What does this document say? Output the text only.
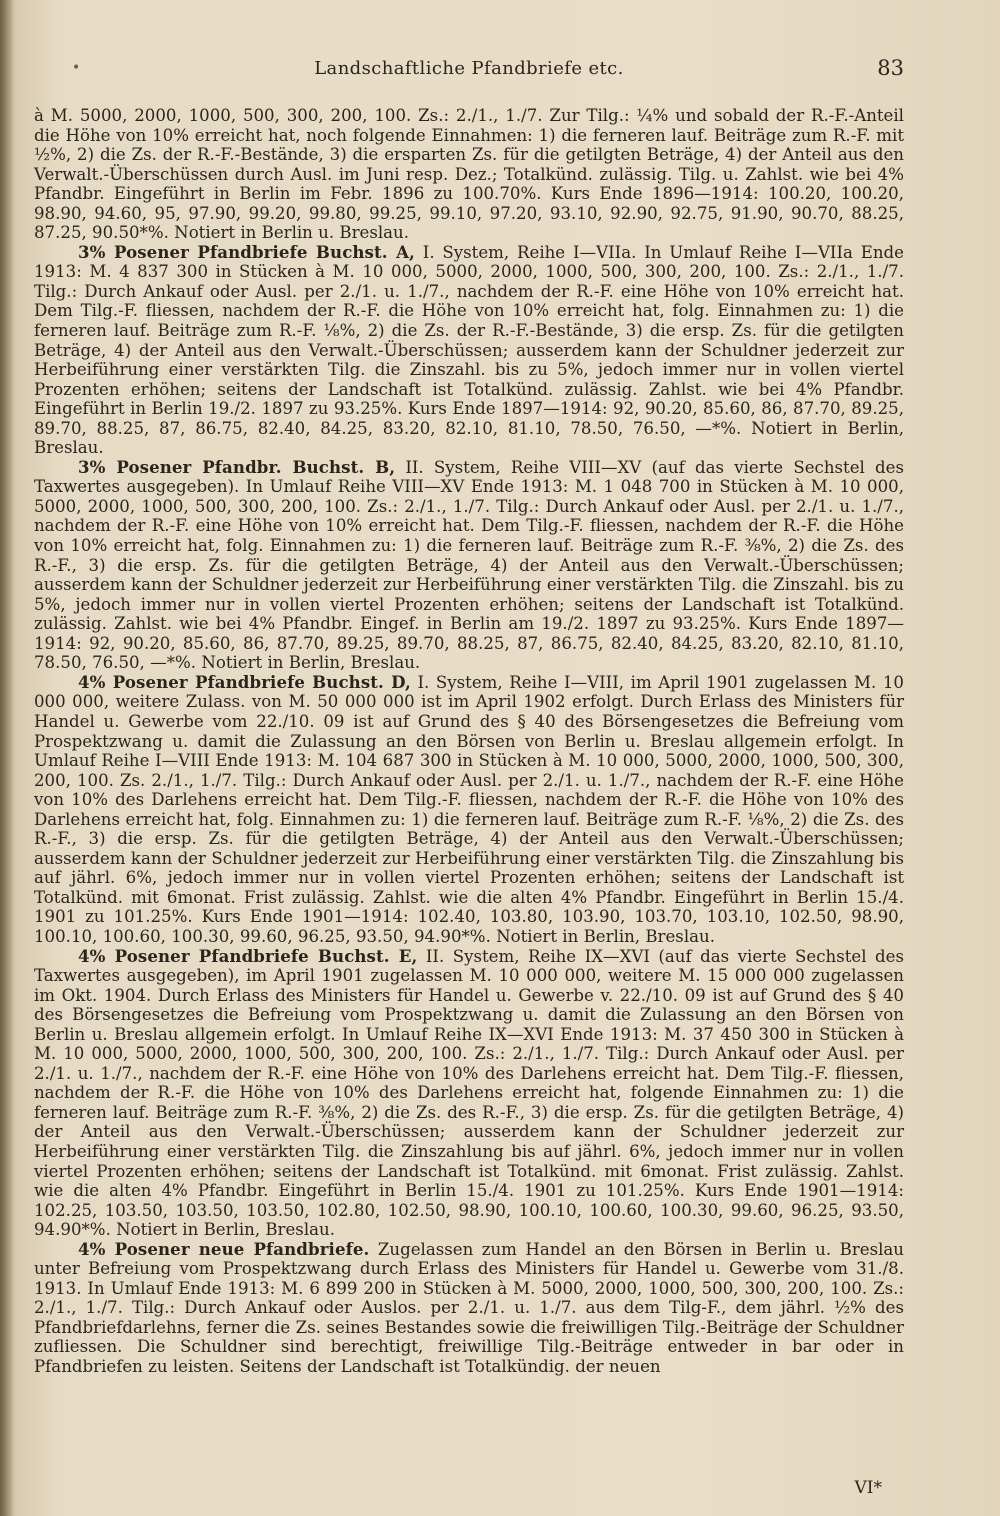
•	Landschaftliche Pfandbriefe etc.	83

à M. 5000, 2000, 1000, 500, 300, 200, 100. Zs.: 2./1., 1./7. Zur Tilg.: ¼% und sobald der R.-F.-Anteil die Höhe von 10% erreicht hat, noch folgende Einnahmen: 1) die ferneren lauf. Beiträge zum R.-F. mit ½%, 2) die Zs. der R.-F.-Bestände, 3) die ersparten Zs. für die getilgten Beträge, 4) der Anteil aus den Verwalt.-Überschüssen durch Ausl. im Juni resp. Dez.; Totalkünd. zulässig. Tilg. u. Zahlst. wie bei 4% Pfandbr. Eingeführt in Berlin im Febr. 1896 zu 100.70%. Kurs Ende 1896—1914: 100.20, 100.20, 98.90, 94.60, 95, 97.90, 99.20, 99.80, 99.25, 99.10, 97.20, 93.10, 92.90, 92.75, 91.90, 90.70, 88.25, 87.25, 90.50*%. Notiert in Berlin u. Breslau.

3% Posener Pfandbriefe Buchst. A, I. System, Reihe I—VIIa. In Umlauf Reihe I—VIIa Ende 1913: M. 4 837 300 in Stücken à M. 10 000, 5000, 2000, 1000, 500, 300, 200, 100. Zs.: 2./1., 1./7. Tilg.: Durch Ankauf oder Ausl. per 2./1. u. 1./7., nachdem der R.-F. eine Höhe von 10% erreicht hat. Dem Tilg.-F. fliessen, nachdem der R.-F. die Höhe von 10% erreicht hat, folg. Einnahmen zu: 1) die ferneren lauf. Beiträge zum R.-F. ⅛%, 2) die Zs. der R.-F.-Bestände, 3) die ersp. Zs. für die getilgten Beträge, 4) der Anteil aus den Verwalt.-Überschüssen; ausserdem kann der Schuldner jederzeit zur Herbeiführung einer verstärkten Tilg. die Zinszahl. bis zu 5%, jedoch immer nur in vollen viertel Prozenten erhöhen; seitens der Landschaft ist Totalkünd. zulässig. Zahlst. wie bei 4% Pfandbr. Eingeführt in Berlin 19./2. 1897 zu 93.25%. Kurs Ende 1897—1914: 92, 90.20, 85.60, 86, 87.70, 89.25, 89.70, 88.25, 87, 86.75, 82.40, 84.25, 83.20, 82.10, 81.10, 78.50, 76.50, —*%. Notiert in Berlin, Breslau.

3% Posener Pfandbr. Buchst. B, II. System, Reihe VIII—XV (auf das vierte Sechstel des Taxwertes ausgegeben). In Umlauf Reihe VIII—XV Ende 1913: M. 1 048 700 in Stücken à M. 10 000, 5000, 2000, 1000, 500, 300, 200, 100. Zs.: 2./1., 1./7. Tilg.: Durch Ankauf oder Ausl. per 2./1. u. 1./7., nachdem der R.-F. eine Höhe von 10% erreicht hat. Dem Tilg.-F. fliessen, nachdem der R.-F. die Höhe von 10% erreicht hat, folg. Einnahmen zu: 1) die ferneren lauf. Beiträge zum R.-F. ⅜%, 2) die Zs. des R.-F., 3) die ersp. Zs. für die getilgten Beträge, 4) der Anteil aus den Verwalt.-Überschüssen; ausserdem kann der Schuldner jederzeit zur Herbeiführung einer verstärkten Tilg. die Zinszahl. bis zu 5%, jedoch immer nur in vollen viertel Prozenten erhöhen; seitens der Landschaft ist Totalkünd. zulässig. Zahlst. wie bei 4% Pfandbr. Eingef. in Berlin am 19./2. 1897 zu 93.25%. Kurs Ende 1897—1914: 92, 90.20, 85.60, 86, 87.70, 89.25, 89.70, 88.25, 87, 86.75, 82.40, 84.25, 83.20, 82.10, 81.10, 78.50, 76.50, —*%. Notiert in Berlin, Breslau.

4% Posener Pfandbriefe Buchst. D, I. System, Reihe I—VIII, im April 1901 zugelassen M. 10 000 000, weitere Zulass. von M. 50 000 000 ist im April 1902 erfolgt. Durch Erlass des Ministers für Handel u. Gewerbe vom 22./10. 09 ist auf Grund des § 40 des Börsengesetzes die Befreiung vom Prospektzwang u. damit die Zulassung an den Börsen von Berlin u. Breslau allgemein erfolgt. In Umlauf Reihe I—VIII Ende 1913: M. 104 687 300 in Stücken à M. 10 000, 5000, 2000, 1000, 500, 300, 200, 100. Zs. 2./1., 1./7. Tilg.: Durch Ankauf oder Ausl. per 2./1. u. 1./7., nachdem der R.-F. eine Höhe von 10% des Darlehens erreicht hat. Dem Tilg.-F. fliessen, nachdem der R.-F. die Höhe von 10% des Darlehens erreicht hat, folg. Einnahmen zu: 1) die ferneren lauf. Beiträge zum R.-F. ⅛%, 2) die Zs. des R.-F., 3) die ersp. Zs. für die getilgten Beträge, 4) der Anteil aus den Verwalt.-Überschüssen; ausserdem kann der Schuldner jederzeit zur Herbeiführung einer verstärkten Tilg. die Zinszahlung bis auf jährl. 6%, jedoch immer nur in vollen viertel Prozenten erhöhen; seitens der Landschaft ist Totalkünd. mit 6monat. Frist zulässig. Zahlst. wie die alten 4% Pfandbr. Eingeführt in Berlin 15./4. 1901 zu 101.25%. Kurs Ende 1901—1914: 102.40, 103.80, 103.90, 103.70, 103.10, 102.50, 98.90, 100.10, 100.60, 100.30, 99.60, 96.25, 93.50, 94.90*%. Notiert in Berlin, Breslau.

4% Posener Pfandbriefe Buchst. E, II. System, Reihe IX—XVI (auf das vierte Sechstel des Taxwertes ausgegeben), im April 1901 zugelassen M. 10 000 000, weitere M. 15 000 000 zugelassen im Okt. 1904. Durch Erlass des Ministers für Handel u. Gewerbe v. 22./10. 09 ist auf Grund des § 40 des Börsengesetzes die Befreiung vom Prospektzwang u. damit die Zulassung an den Börsen von Berlin u. Breslau allgemein erfolgt. In Umlauf Reihe IX—XVI Ende 1913: M. 37 450 300 in Stücken à M. 10 000, 5000, 2000, 1000, 500, 300, 200, 100. Zs.: 2./1., 1./7. Tilg.: Durch Ankauf oder Ausl. per 2./1. u. 1./7., nachdem der R.-F. eine Höhe von 10% des Darlehens erreicht hat. Dem Tilg.-F. fliessen, nachdem der R.-F. die Höhe von 10% des Darlehens erreicht hat, folgende Einnahmen zu: 1) die ferneren lauf. Beiträge zum R.-F. ⅜%, 2) die Zs. des R.-F., 3) die ersp. Zs. für die getilgten Beträge, 4) der Anteil aus den Verwalt.-Überschüssen; ausserdem kann der Schuldner jederzeit zur Herbeiführung einer verstärkten Tilg. die Zinszahlung bis auf jährl. 6%, jedoch immer nur in vollen viertel Prozenten erhöhen; seitens der Landschaft ist Totalkünd. mit 6monat. Frist zulässig. Zahlst. wie die alten 4% Pfandbr. Eingeführt in Berlin 15./4. 1901 zu 101.25%. Kurs Ende 1901—1914: 102.25, 103.50, 103.50, 103.50, 102.80, 102.50, 98.90, 100.10, 100.60, 100.30, 99.60, 96.25, 93.50, 94.90*%. Notiert in Berlin, Breslau.

4% Posener neue Pfandbriefe. Zugelassen zum Handel an den Börsen in Berlin u. Breslau unter Befreiung vom Prospektzwang durch Erlass des Ministers für Handel u. Gewerbe vom 31./8. 1913. In Umlauf Ende 1913: M. 6 899 200 in Stücken à M. 5000, 2000, 1000, 500, 300, 200, 100. Zs.: 2./1., 1./7. Tilg.: Durch Ankauf oder Auslos. per 2./1. u. 1./7. aus dem Tilg-F., dem jährl. ½% des Pfandbriefdarlehns, ferner die Zs. seines Bestandes sowie die freiwilligen Tilg.-Beiträge der Schuldner zufliessen. Die Schuldner sind berechtigt, freiwillige Tilg.-Beiträge entweder in bar oder in Pfandbriefen zu leisten. Seitens der Landschaft ist Totalkündig. der neuen

VI*
